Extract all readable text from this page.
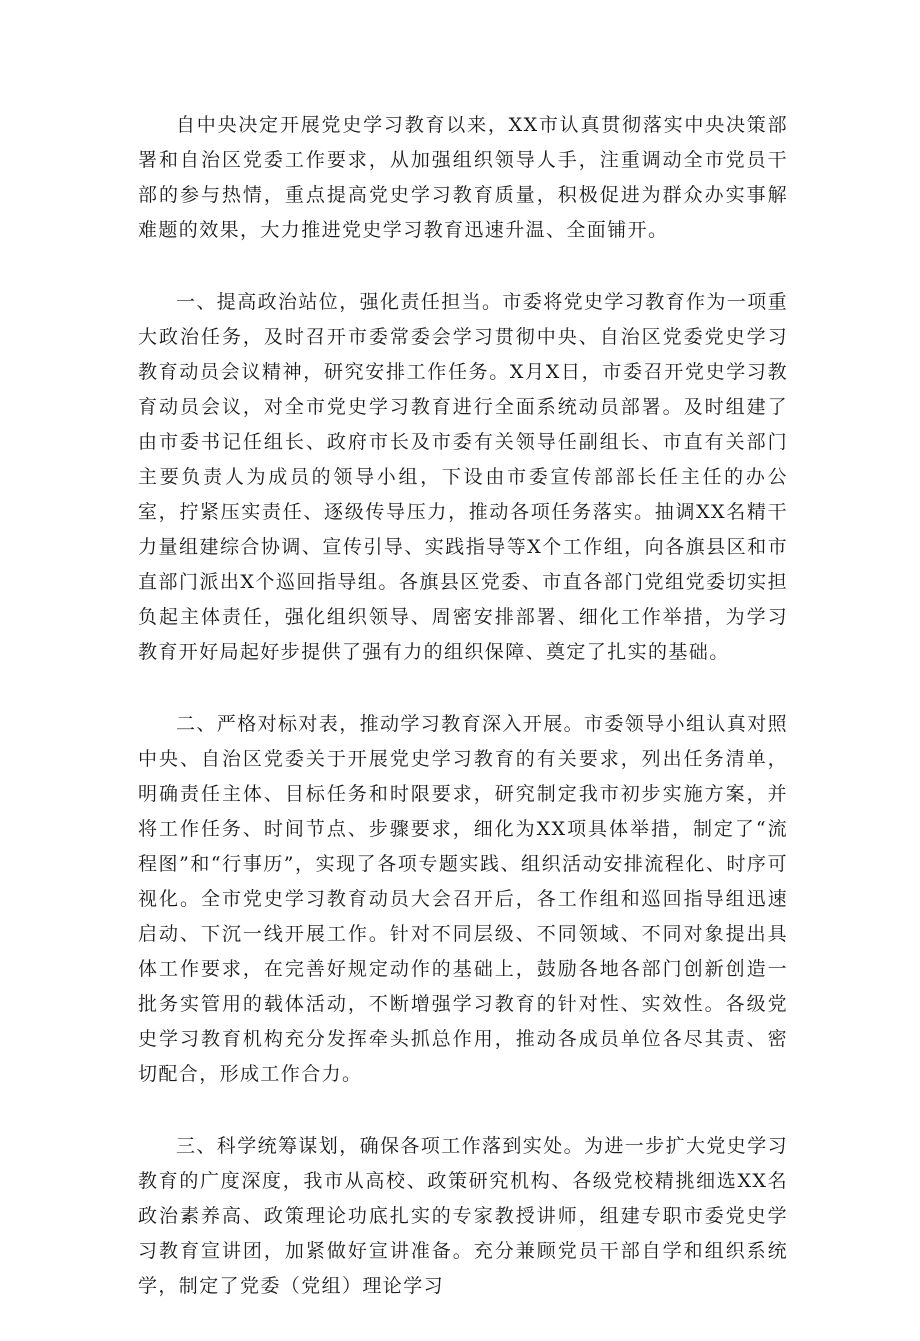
自中央决定开展党史学习教育以来，XX市认真贯彻落实中央决策部署和自治区党委工作要求，从加强组织领导人手，注重调动全市党员干部的参与热情，重点提高党史学习教育质量，积极促进为群众办实事解难题的效果，大力推进党史学习教育迅速升温、全面铺开。

一、提高政治站位，强化责任担当。市委将党史学习教育作为一项重大政治任务，及时召开市委常委会学习贯彻中央、自治区党委党史学习教育动员会议精神，研究安排工作任务。X月X日，市委召开党史学习教育动员会议，对全市党史学习教育进行全面系统动员部署。及时组建了由市委书记任组长、政府市长及市委有关领导任副组长、市直有关部门主要负责人为成员的领导小组，下设由市委宣传部部长任主任的办公室，拧紧压实责任、逐级传导压力，推动各项任务落实。抽调XX名精干力量组建综合协调、宣传引导、实践指导等X个工作组，向各旗县区和市直部门派出X个巡回指导组。各旗县区党委、市直各部门党组党委切实担负起主体责任，强化组织领导、周密安排部署、细化工作举措，为学习教育开好局起好步提供了强有力的组织保障、奠定了扎实的基础。

二、严格对标对表，推动学习教育深入开展。市委领导小组认真对照中央、自治区党委关于开展党史学习教育的有关要求，列出任务清单，明确责任主体、目标任务和时限要求，研究制定我市初步实施方案，并将工作任务、时间节点、步骤要求，细化为XX项具体举措，制定了“流程图”和“行事历”，实现了各项专题实践、组织活动安排流程化、时序可视化。全市党史学习教育动员大会召开后，各工作组和巡回指导组迅速启动、下沉一线开展工作。针对不同层级、不同领域、不同对象提出具体工作要求，在完善好规定动作的基础上，鼓励各地各部门创新创造一批务实管用的载体活动，不断增强学习教育的针对性、实效性。各级党史学习教育机构充分发挥牵头抓总作用，推动各成员单位各尽其责、密切配合，形成工作合力。

三、科学统筹谋划，确保各项工作落到实处。为进一步扩大党史学习教育的广度深度，我市从高校、政策研究机构、各级党校精挑细选XX名政治素养高、政策理论功底扎实的专家教授讲师，组建专职市委党史学习教育宣讲团，加紧做好宣讲准备。充分兼顾党员干部自学和组织系统学，制定了党委（党组）理论学习
